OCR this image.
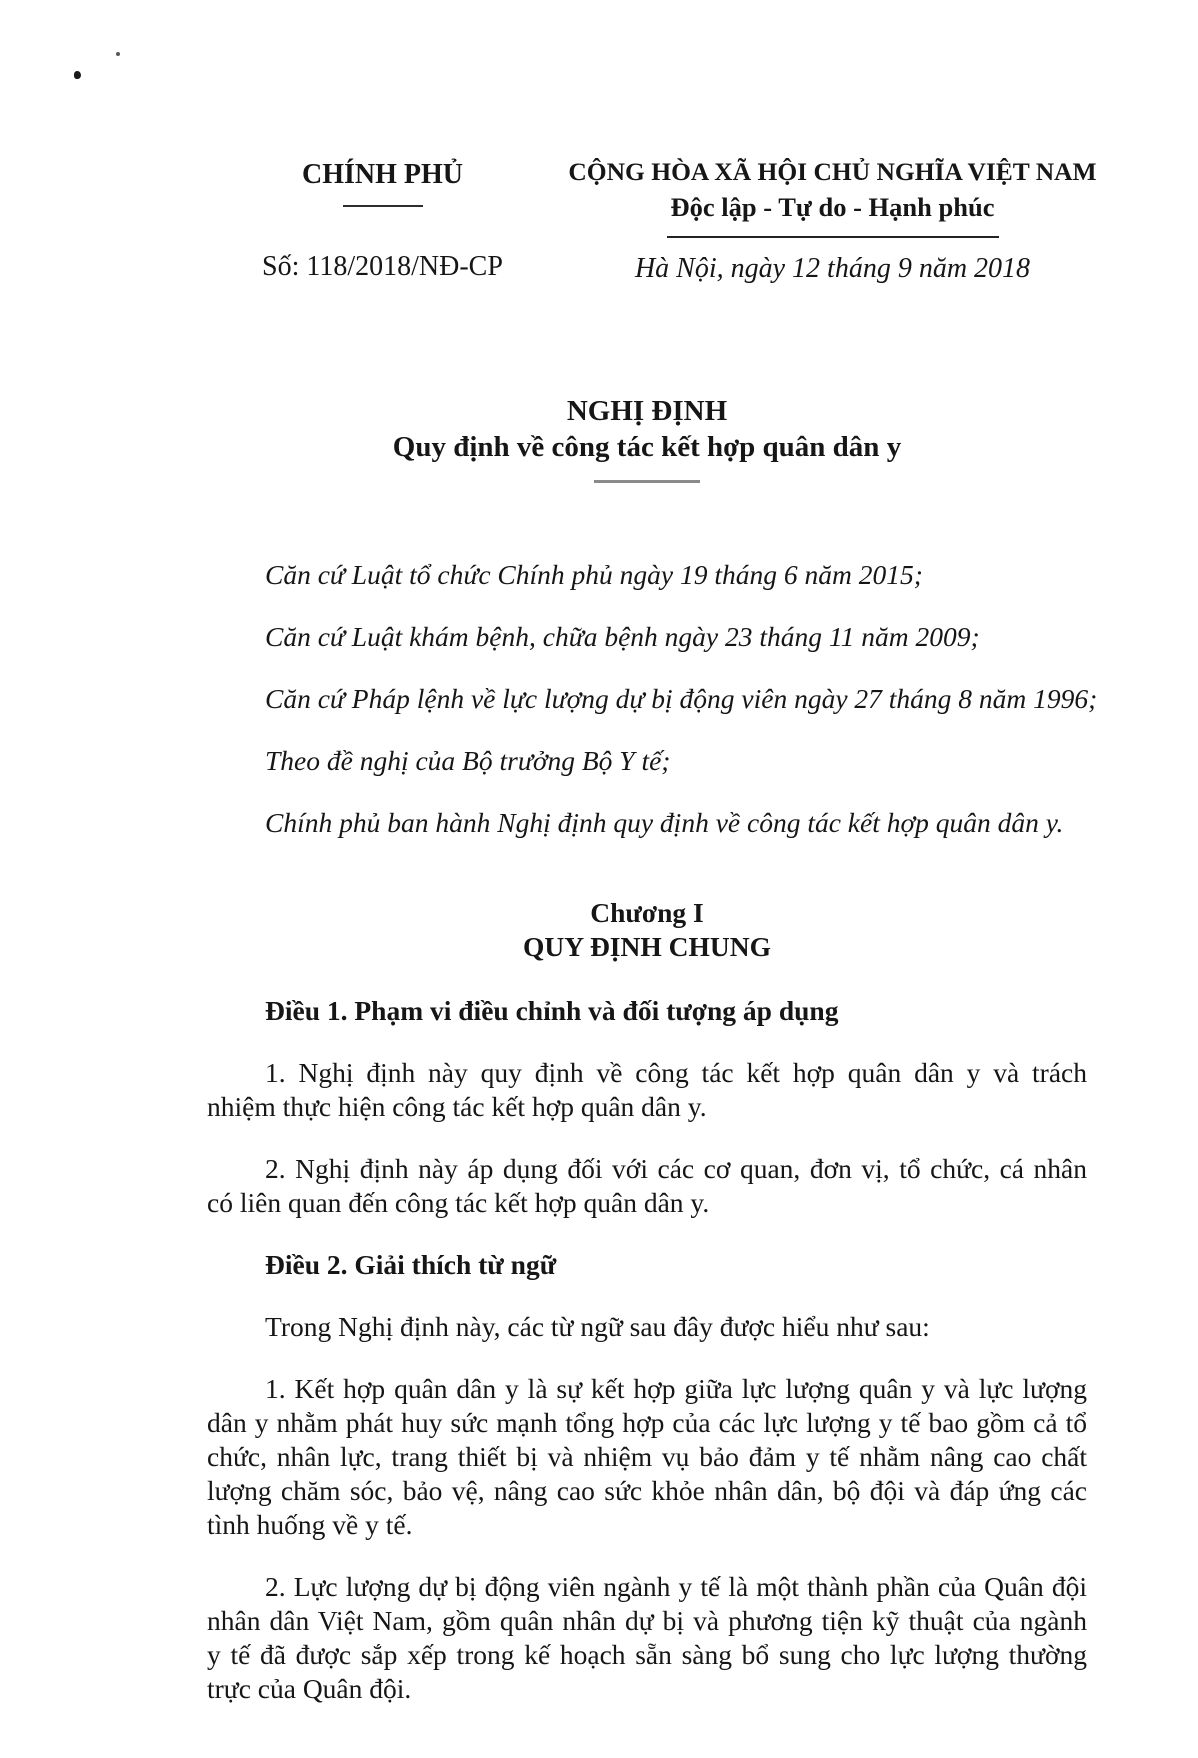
CHÍNH PHỦ
Số: 118/2018/NĐ-CP
CỘNG HÒA XÃ HỘI CHỦ NGHĨA VIỆT NAM
Độc lập - Tự do - Hạnh phúc
Hà Nội, ngày 12 tháng 9 năm 2018
NGHỊ ĐỊNH
Quy định về công tác kết hợp quân dân y
Căn cứ Luật tổ chức Chính phủ ngày 19 tháng 6 năm 2015;
Căn cứ Luật khám bệnh, chữa bệnh ngày 23 tháng 11 năm 2009;
Căn cứ Pháp lệnh về lực lượng dự bị động viên ngày 27 tháng 8 năm 1996;
Theo đề nghị của Bộ trưởng Bộ Y tế;
Chính phủ ban hành Nghị định quy định về công tác kết hợp quân dân y.
Chương I
QUY ĐỊNH CHUNG
Điều 1. Phạm vi điều chỉnh và đối tượng áp dụng
1. Nghị định này quy định về công tác kết hợp quân dân y và trách
nhiệm thực hiện công tác kết hợp quân dân y.
2. Nghị định này áp dụng đối với các cơ quan, đơn vị, tổ chức, cá nhân
có liên quan đến công tác kết hợp quân dân y.
Điều 2. Giải thích từ ngữ
Trong Nghị định này, các từ ngữ sau đây được hiểu như sau:
1. Kết hợp quân dân y là sự kết hợp giữa lực lượng quân y và lực lượng
dân y nhằm phát huy sức mạnh tổng hợp của các lực lượng y tế bao gồm cả tổ
chức, nhân lực, trang thiết bị và nhiệm vụ bảo đảm y tế nhằm nâng cao chất
lượng chăm sóc, bảo vệ, nâng cao sức khỏe nhân dân, bộ đội và đáp ứng các
tình huống về y tế.
2. Lực lượng dự bị động viên ngành y tế là một thành phần của Quân đội
nhân dân Việt Nam, gồm quân nhân dự bị và phương tiện kỹ thuật của ngành
y tế đã được sắp xếp trong kế hoạch sẵn sàng bổ sung cho lực lượng thường
trực của Quân đội.
